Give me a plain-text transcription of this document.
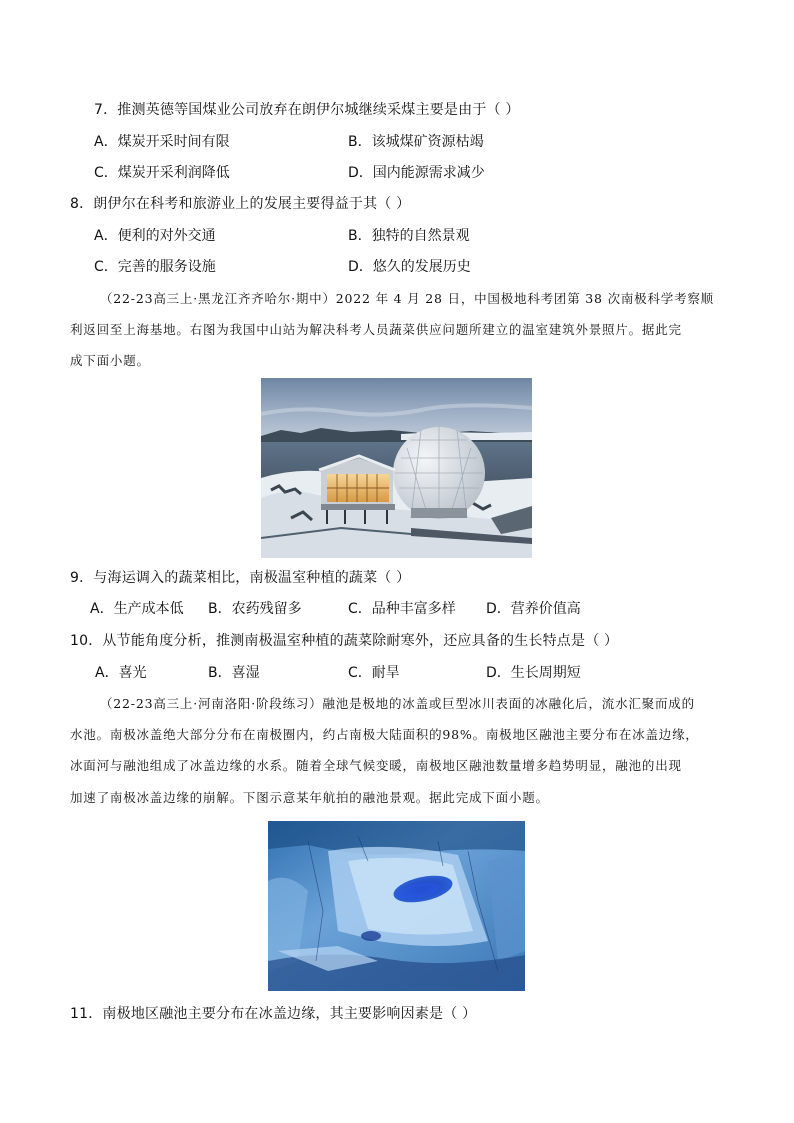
7．推测英德等国煤业公司放弃在朗伊尔城继续采煤主要是由于（ ）
A．煤炭开采时间有限	B．该城煤矿资源枯竭
C．煤炭开采利润降低	D．国内能源需求减少
8．朗伊尔在科考和旅游业上的发展主要得益于其（ ）
A．便利的对外交通	B．独特的自然景观
C．完善的服务设施	D．悠久的发展历史
（22-23高三上·黑龙江齐齐哈尔·期中）2022 年 4 月 28 日，中国极地科考团第 38 次南极科学考察顺
利返回至上海基地。右图为我国中山站为解决科考人员蔬菜供应问题所建立的温室建筑外景照片。据此完
成下面小题。
9．与海运调入的蔬菜相比，南极温室种植的蔬菜（ ）
A．生产成本低 B．农药残留多	C．品种丰富多样 D．营养价值高
10．从节能角度分析，推测南极温室种植的蔬菜除耐寒外，还应具备的生长特点是（ ）
A．喜光	B．喜湿	C．耐旱	D．生长周期短
（22-23高三上·河南洛阳·阶段练习）融池是极地的冰盖或巨型冰川表面的冰融化后，流水汇聚而成的
水池。南极冰盖绝大部分分布在南极圈内，约占南极大陆面积的98%。南极地区融池主要分布在冰盖边缘，
冰面河与融池组成了冰盖边缘的水系。随着全球气候变暖，南极地区融池数量增多趋势明显，融池的出现
加速了南极冰盖边缘的崩解。下图示意某年航拍的融池景观。据此完成下面小题。
11．南极地区融池主要分布在冰盖边缘，其主要影响因素是（ ）
